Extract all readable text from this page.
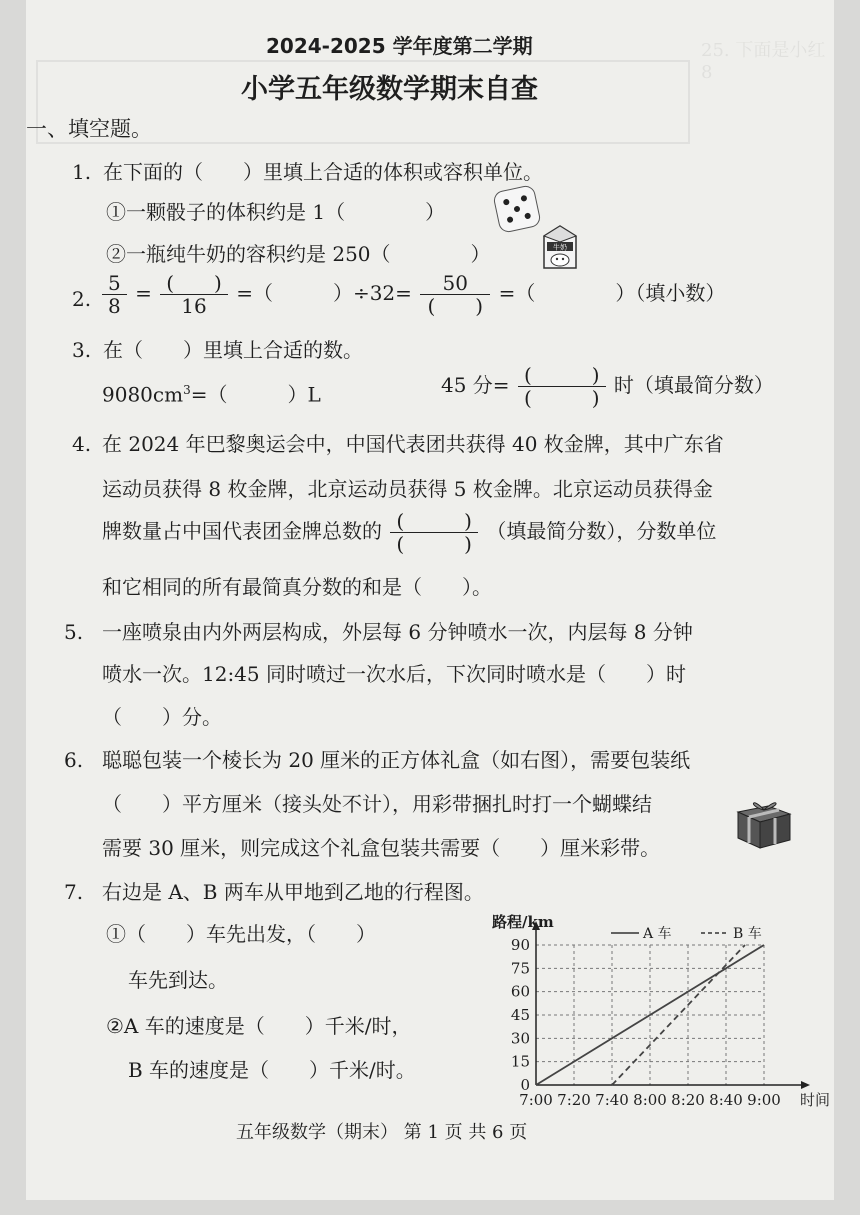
25. 下面是小红 8
2024-2025 学年度第二学期
小学五年级数学期末自查
一、填空题。
1. 在下面的（　　）里填上合适的体积或容积单位。
①一颗骰子的体积约是 1（　　　　）
②一瓶纯牛奶的容积约是 250（　　　　）	牛奶
2. $\frac{5}{8} = \frac{( )}{16}$ =（　　　）$\div 32= \frac{50}{( )}$ =（　　　　）（填小数）
3. 在（　　）里填上合适的数。
$9080cm^3=$（　　　）L	45 分= $\frac{( )}{( )}$ 时（填最简分数）
4. 在 2024 年巴黎奥运会中，中国代表团共获得 40 枚金牌，其中广东省
运动员获得 8 枚金牌，北京运动员获得 5 枚金牌。北京运动员获得金
牌数量占中国代表团金牌总数的 $\frac{( )}{( )}$ （填最简分数），分数单位
和它相同的所有最简真分数的和是（　　）。
5. 一座喷泉由内外两层构成，外层每 6 分钟喷水一次，内层每 8 分钟
喷水一次。12:45 同时喷过一次水后，下次同时喷水是（　　）时
（　　）分。
6. 聪聪包装一个棱长为 20 厘米的正方体礼盒（如右图），需要包装纸
（　　）平方厘米（接头处不计），用彩带捆扎时打一个蝴蝶结
需要 30 厘米，则完成这个礼盒包装共需要（　　）厘米彩带。
7. 右边是 A、B 两车从甲地到乙地的行程图。
①（　　）车先出发，（　　）
车先到达。
②A 车的速度是（　　）千米/时，
B 车的速度是（　　）千米/时。
0
15
30
45
60
75
90
7:00 7:20 7:40 8:00 8:20 8:40 9:00
路程/km
时间
A 车	B 车
五年级数学（期末） 第 1 页 共 6 页
